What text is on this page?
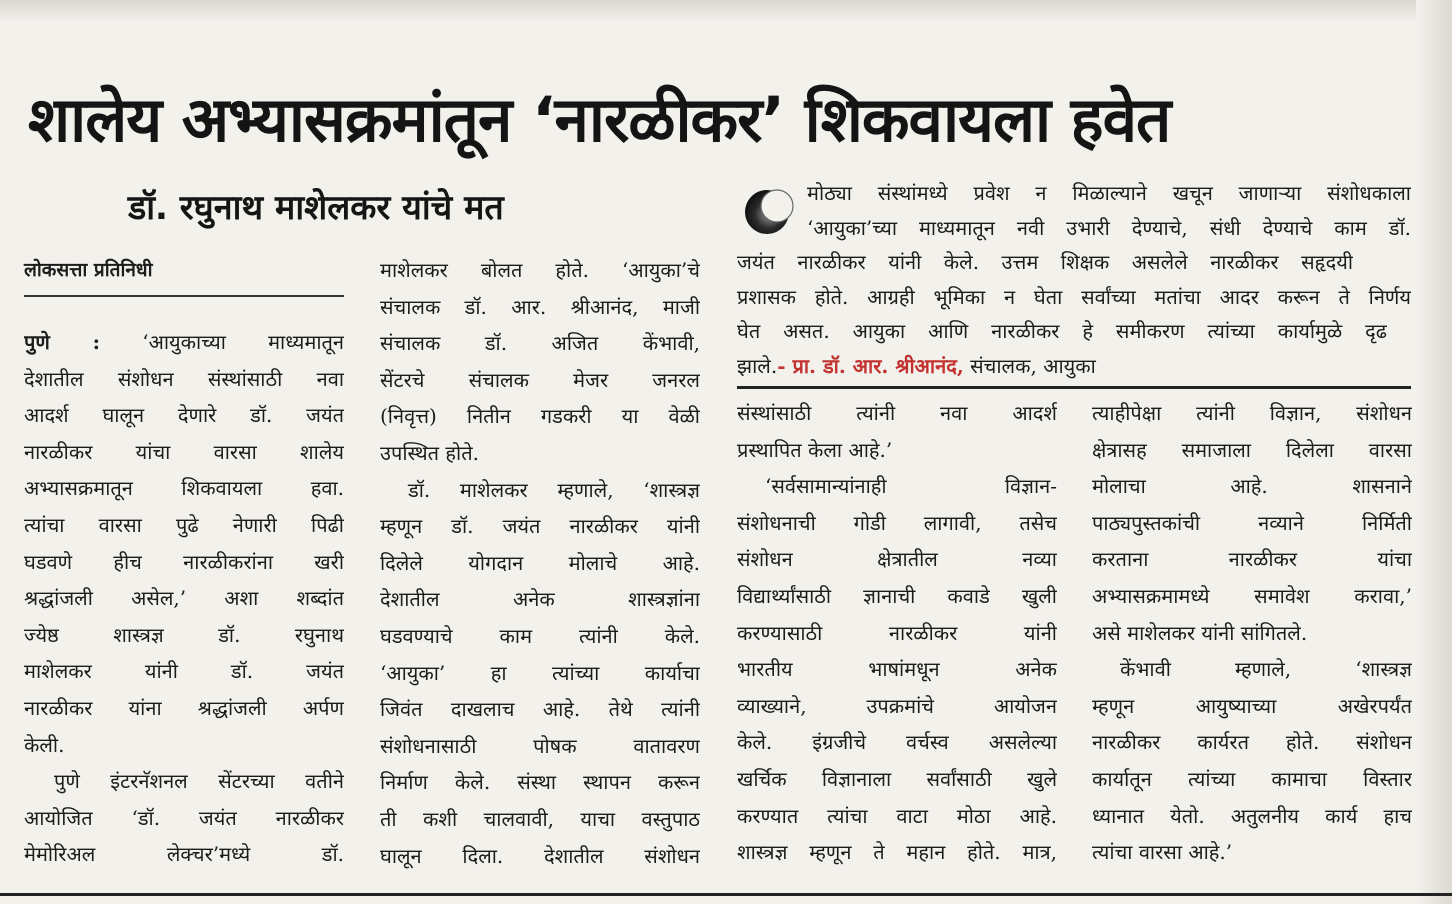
शालेय अभ्यासक्रमांतून ‘नारळीकर’ शिकवायला हवेत
डॉ. रघुनाथ माशेलकर यांचे मत
लोकसत्ता प्रतिनिधी
पुणे : ‘आयुकाच्या माध्यमातून
देशातील संशोधन संस्थांसाठी नवा
आदर्श घालून देणारे डॉ. जयंत
नारळीकर यांचा वारसा शालेय
अभ्यासक्रमातून शिकवायला हवा.
त्यांचा वारसा पुढे नेणारी पिढी
घडवणे हीच नारळीकरांना खरी
श्रद्धांजली असेल,’ अशा शब्दांत
ज्येष्ठ शास्त्रज्ञ डॉ. रघुनाथ
माशेलकर यांनी डॉ. जयंत
नारळीकर यांना श्रद्धांजली अर्पण
केली.
पुणे इंटरनॅशनल सेंटरच्या वतीने
आयोजित ‘डॉ. जयंत नारळीकर
मेमोरिअल लेक्चर’मध्ये डॉ.
माशेलकर बोलत होते. ‘आयुका’चे
संचालक डॉ. आर. श्रीआनंद, माजी
संचालक डॉ. अजित केंभावी,
सेंटरचे संचालक मेजर जनरल
(निवृत्त) नितीन गडकरी या वेळी
उपस्थित होते.
डॉ. माशेलकर म्हणाले, ‘शास्त्रज्ञ
म्हणून डॉ. जयंत नारळीकर यांनी
दिलेले योगदान मोलाचे आहे.
देशातील अनेक शास्त्रज्ञांना
घडवण्याचे काम त्यांनी केले.
‘आयुका’ हा त्यांच्या कार्याचा
जिवंत दाखलाच आहे. तेथे त्यांनी
संशोधनासाठी पोषक वातावरण
निर्माण केले. संस्था स्थापन करून
ती कशी चालवावी, याचा वस्तुपाठ
घालून दिला. देशातील संशोधन
मोठ्या संस्थांमध्ये प्रवेश न मिळाल्याने खचून जाणाऱ्या संशोधकाला
‘आयुका’च्या माध्यमातून नवी उभारी देण्याचे, संधी देण्याचे काम डॉ.
जयंत नारळीकर यांनी केले. उत्तम शिक्षक असलेले नारळीकर सहृदयी
प्रशासक होते. आग्रही भूमिका न घेता सर्वांच्या मतांचा आदर करून ते निर्णय
घेत असत. आयुका आणि नारळीकर हे समीकरण त्यांच्या कार्यामुळे दृढ
झाले.- प्रा. डॉ. आर. श्रीआनंद, संचालक, आयुका
संस्थांसाठी त्यांनी नवा आदर्श
प्रस्थापित केला आहे.’
‘सर्वसामान्यांनाही विज्ञान-
संशोधनाची गोडी लागावी, तसेच
संशोधन क्षेत्रातील नव्या
विद्यार्थ्यांसाठी ज्ञानाची कवाडे खुली
करण्यासाठी नारळीकर यांनी
भारतीय भाषांमधून अनेक
व्याख्याने, उपक्रमांचे आयोजन
केले. इंग्रजीचे वर्चस्व असलेल्या
खर्चिक विज्ञानाला सर्वांसाठी खुले
करण्यात त्यांचा वाटा मोठा आहे.
शास्त्रज्ञ म्हणून ते महान होते. मात्र,
त्याहीपेक्षा त्यांनी विज्ञान, संशोधन
क्षेत्रासह समाजाला दिलेला वारसा
मोलाचा आहे. शासनाने
पाठ्यपुस्तकांची नव्याने निर्मिती
करताना नारळीकर यांचा
अभ्यासक्रमामध्ये समावेश करावा,’
असे माशेलकर यांनी सांगितले.
केंभावी म्हणाले, ‘शास्त्रज्ञ
म्हणून आयुष्याच्या अखेरपर्यंत
नारळीकर कार्यरत होते. संशोधन
कार्यातून त्यांच्या कामाचा विस्तार
ध्यानात येतो. अतुलनीय कार्य हाच
त्यांचा वारसा आहे.’
